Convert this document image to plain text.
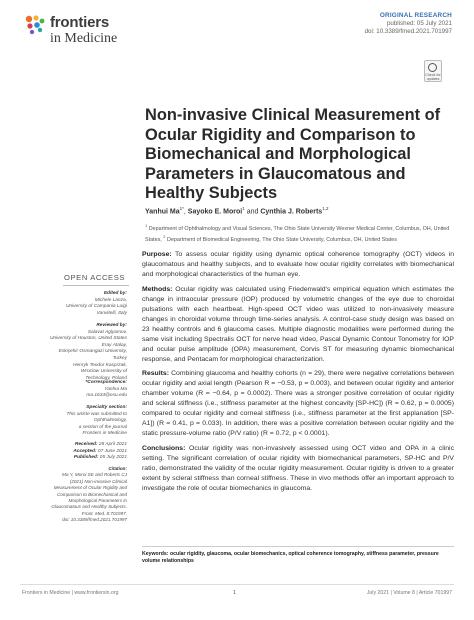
frontiers
in Medicine
ORIGINAL RESEARCH
published: 05 July 2021
doi: 10.3389/fmed.2021.701997
Check for updates
Non-invasive Clinical Measurement of Ocular Rigidity and Comparison to Biomechanical and Morphological Parameters in Glaucomatous and Healthy Subjects
Yanhui $Ma^{1*}$, Sayoko E. Moroi$^1$ and Cynthia J. Roberts$^{1,2}$
$^1$ Department of Ophthalmology and Visual Sciences, The Ohio State University Wexner Medical Center, Columbus, OH, United States, $^2$ Department of Biomedical Engineering, The Ohio State University, Columbus, OH, United States
OPEN ACCESS
Edited by:
Michele Lanza,
University of Campania Luigi
Vanvitelli, Italy
Reviewed by:
Salavat Aglyamov,
University of Houston, United States
Eray Atalay,
Eskişehir Osmangazi University, Turkey
Henryk Teodor Kasprzak,
Wroclaw University of
Technology, Poland
*Correspondence:
Yanhui Ma
ma.1634@osu.edu
Specialty section:
This article was submitted to
Ophthalmology,
a section of the journal
Frontiers in Medicine
Received: 28 April 2021
Accepted: 07 June 2021
Published: 05 July 2021
Citation:
Ma Y, Moroi SE and Roberts CJ
(2021) Non-invasive Clinical
Measurement of Ocular Rigidity and
Comparison to Biomechanical and
Morphological Parameters in
Glaucomatous and Healthy Subjects.
Front. Med. 8:701997.
doi: 10.3389/fmed.2021.701997

Purpose: To assess ocular rigidity using dynamic optical coherence tomography (OCT) videos in glaucomatous and healthy subjects, and to evaluate how ocular rigidity correlates with biomechanical and morphological characteristics of the human eye.

Methods: Ocular rigidity was calculated using Friedenwald's empirical equation which estimates the change in intraocular pressure (IOP) produced by volumetric changes of the eye due to choroidal pulsations with each heartbeat. High-speed OCT video was utilized to non-invasively measure changes in choroidal volume through time-series analysis. A control-case study design was based on 23 healthy controls and 6 glaucoma cases. Multiple diagnostic modalities were performed during the same visit including Spectralis OCT for nerve head video, Pascal Dynamic Contour Tonometry for IOP and ocular pulse amplitude (OPA) measurement, Corvis ST for measuring dynamic biomechanical response, and Pentacam for morphological characterization.

Results: Combining glaucoma and healthy cohorts (n = 29), there were negative correlations between ocular rigidity and axial length (Pearson R = −0.53, p = 0.003), and between ocular rigidity and anterior chamber volume (R = −0.64, p = 0.0002). There was a stronger positive correlation of ocular rigidity and scleral stiffness (i.e., stiffness parameter at the highest concavity [SP-HC]) (R = 0.62, p = 0.0005) compared to ocular rigidity and corneal stiffness (i.e., stiffness parameter at the first applanation [SP-A1]) (R = 0.41, p = 0.033). In addition, there was a positive correlation between ocular rigidity and the static pressure-volume ratio (P/V ratio) (R = 0.72, p < 0.0001).

Conclusions: Ocular rigidity was non-invasively assessed using OCT video and OPA in a clinic setting. The significant correlation of ocular rigidity with biomechanical parameters, SP-HC and P/V ratio, demonstrated the validity of the ocular rigidity measurement. Ocular rigidity is driven to a greater extent by scleral stiffness than corneal stiffness. These in vivo methods offer an important approach to investigate the role of ocular biomechanics in glaucoma.

Keywords: ocular rigidity, glaucoma, ocular biomechanics, optical coherence tomography, stiffness parameter, pressure volume relationships
Frontiers in Medicine | www.frontiersin.org	1	July 2021 | Volume 8 | Article 701997
